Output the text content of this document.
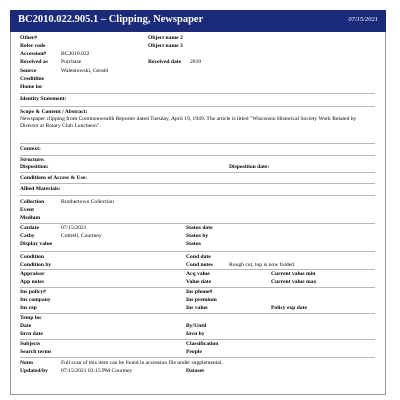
BC2010.022.905.1 – Clipping, Newspaper	07/15/2021
Other#
Refer code
Accession#	BC2010.022
Received as Purchase
Source	Walentowski, Gerald
Creditline
Home loc
Object name 2
Object name 3
Received date 2010
Identity Statement:
Scope & Content / Abstract:
Newspaper clipping from Commonwealth Reporter dated Tuesday, April 19, 1949. The article is titled "Wisconsin Historical Society Work Related by Director at Rotary Club Luncheon".
Context:
Structure:
Disposition:	Disposition date:
Conditions of Access & Use:
Allied Materials:
Collection	Brothertown Collection
Event
Medium
Catdate	07/15/2021
Catby	Cottrell, Courtney
Display value
Status date
Status by
Status
Condition
Condition by
Cond date
Cond notes	Rough cut, top is now folded.
Appraisor
App notes
Acq value
Value date
Current value min
Current value max
Ins policy#
Ins company
Ins rep
Ins phone#
Ins premium
Ins value	Policy exp date
Temp loc
Date
Invn date
By/Until
Invn by
Subjects
Search terms
Classification
People
Notes	Full scan of this item can be found in accession file under supplemental.
Updated/by 07/15/2021 03:15 PM Courtney	Dataset
